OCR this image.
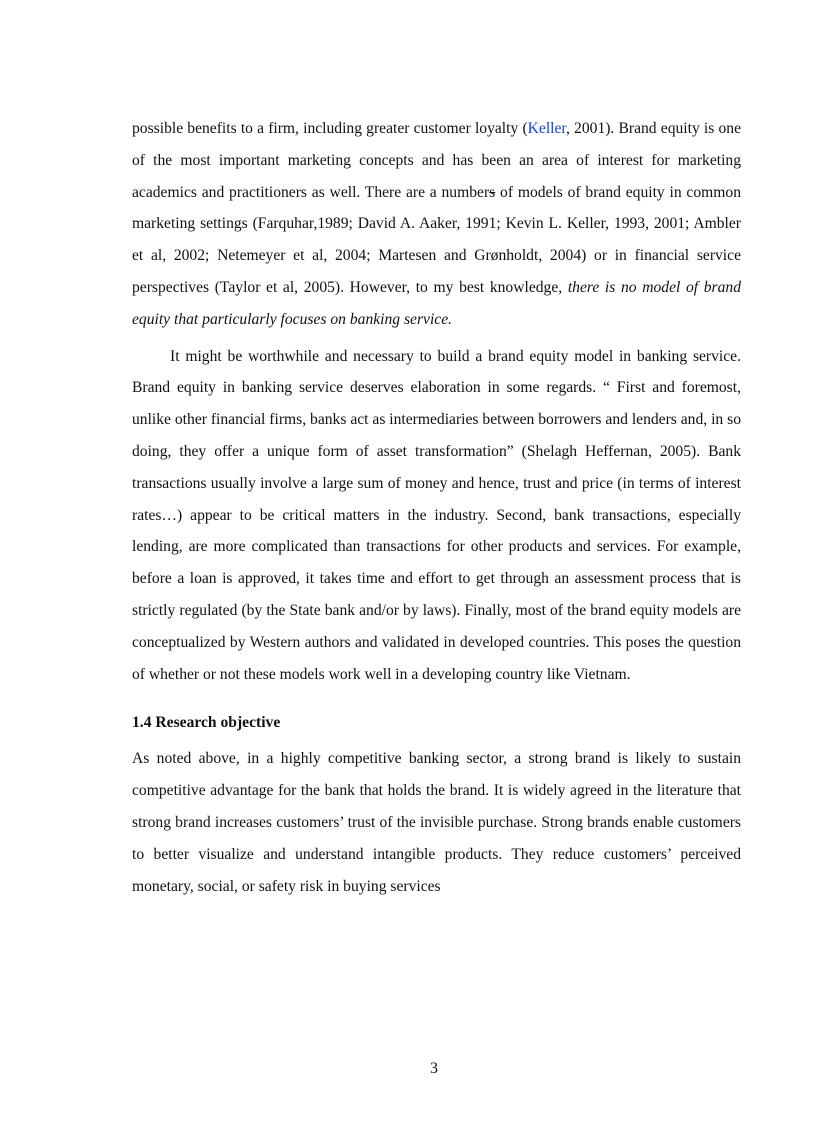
possible benefits to a firm, including greater customer loyalty (Keller, 2001). Brand equity is one of the most important marketing concepts and has been an area of interest for marketing academics and practitioners as well. There are a numbers of models of brand equity in common marketing settings (Farquhar,1989; David A. Aaker, 1991; Kevin L. Keller, 1993, 2001; Ambler et al, 2002; Netemeyer et al, 2004; Martesen and Grønholdt, 2004) or in financial service perspectives (Taylor et al, 2005). However, to my best knowledge, there is no model of brand equity that particularly focuses on banking service.

It might be worthwhile and necessary to build a brand equity model in banking service. Brand equity in banking service deserves elaboration in some regards. “ First and foremost, unlike other financial firms, banks act as intermediaries between borrowers and lenders and, in so doing, they offer a unique form of asset transformation” (Shelagh Heffernan, 2005). Bank transactions usually involve a large sum of money and hence, trust and price (in terms of interest rates…) appear to be critical matters in the industry. Second, bank transactions, especially lending, are more complicated than transactions for other products and services. For example, before a loan is approved, it takes time and effort to get through an assessment process that is strictly regulated (by the State bank and/or by laws). Finally, most of the brand equity models are conceptualized by Western authors and validated in developed countries. This poses the question of whether or not these models work well in a developing country like Vietnam.

1.4 Research objective

As noted above, in a highly competitive banking sector, a strong brand is likely to sustain competitive advantage for the bank that holds the brand. It is widely agreed in the literature that strong brand increases customers’ trust of the invisible purchase. Strong brands enable customers to better visualize and understand intangible products. They reduce customers’ perceived monetary, social, or safety risk in buying services

3
